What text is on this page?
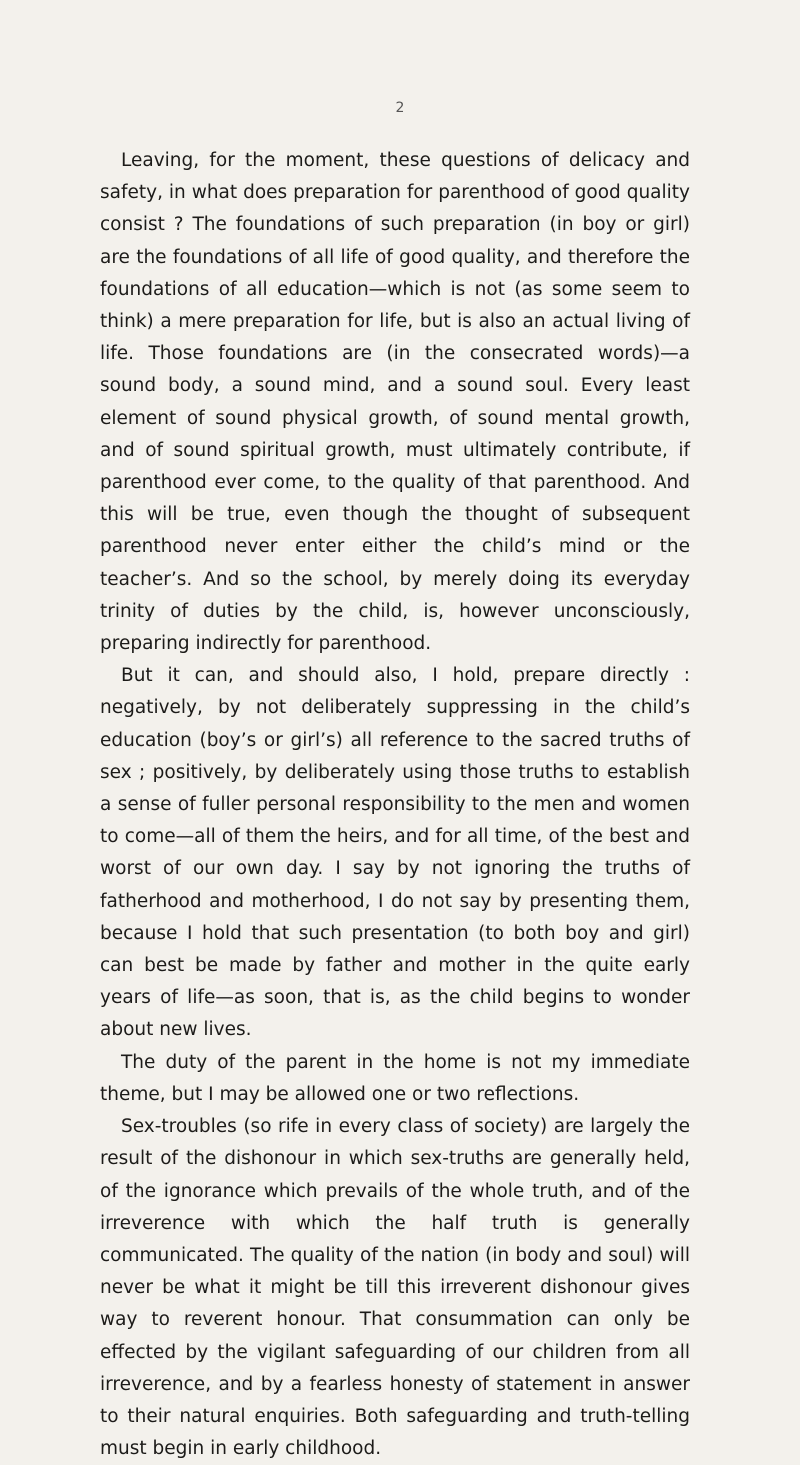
2

Leaving, for the moment, these questions of delicacy and safety, in what does preparation for parenthood of good quality consist ? The foundations of such preparation (in boy or girl) are the foundations of all life of good quality, and therefore the foundations of all education—which is not (as some seem to think) a mere preparation for life, but is also an actual living of life. Those foundations are (in the consecrated words)—a sound body, a sound mind, and a sound soul. Every least element of sound physical growth, of sound mental growth, and of sound spiritual growth, must ultimately contribute, if parenthood ever come, to the quality of that parenthood. And this will be true, even though the thought of subsequent parenthood never enter either the child’s mind or the teacher’s. And so the school, by merely doing its everyday trinity of duties by the child, is, however unconsciously, preparing indirectly for parenthood.

But it can, and should also, I hold, prepare directly : negatively, by not deliberately suppressing in the child’s education (boy’s or girl’s) all reference to the sacred truths of sex ; positively, by deliberately using those truths to establish a sense of fuller personal responsibility to the men and women to come—all of them the heirs, and for all time, of the best and worst of our own day. I say by not ignoring the truths of fatherhood and motherhood, I do not say by presenting them, because I hold that such presentation (to both boy and girl) can best be made by father and mother in the quite early years of life—as soon, that is, as the child begins to wonder about new lives.

The duty of the parent in the home is not my immediate theme, but I may be allowed one or two reflections.

Sex-troubles (so rife in every class of society) are largely the result of the dishonour in which sex-truths are generally held, of the ignorance which prevails of the whole truth, and of the irreverence with which the half truth is generally communicated. The quality of the nation (in body and soul) will never be what it might be till this irreverent dishonour gives way to reverent honour. That consummation can only be effected by the vigilant safeguarding of our children from all irreverence, and by a fearless honesty of statement in answer to their natural enquiries. Both safeguarding and truth-telling must begin in early childhood.
